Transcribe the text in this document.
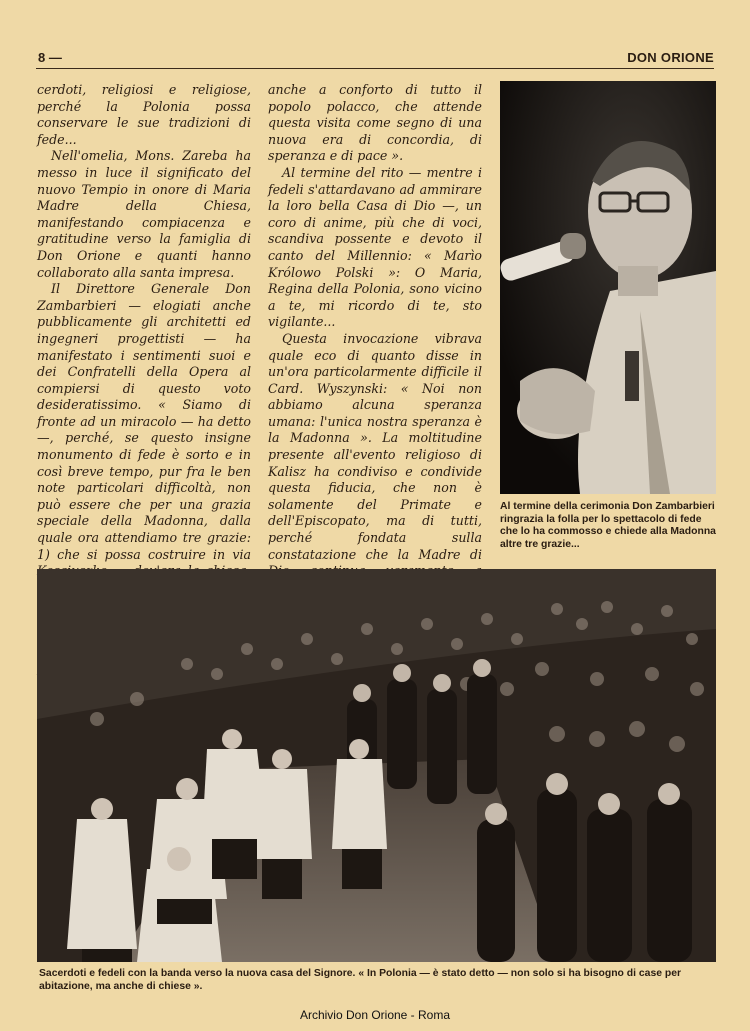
8 —	DON ORIONE

cerdoti, religiosi e religiose, perché la Polonia possa conservare le sue tradizioni di fede...

Nell'omelia, Mons. Zareba ha messo in luce il significato del nuovo Tempio in onore di Maria Madre della Chiesa, manifestando compiacenza e gratitudine verso la famiglia di Don Orione e quanti hanno collaborato alla santa impresa.

Il Direttore Generale Don Zambarbieri — elogiati anche pubblicamente gli architetti ed ingegneri progettisti — ha manifestato i sentimenti suoi e dei Confratelli della Opera al compiersi di questo voto desideratissimo. « Siamo di fronte ad un miracolo — ha detto —, perché, se questo insigne monumento di fede è sorto e in così breve tempo, pur fra le ben note particolari difficoltà, non può essere che per una grazia speciale della Madonna, dalla quale ora attendiamo tre grazie: 1) che si possa costruire in via

anche a conforto di tutto il popolo polacco, che attende questa visita come segno di una nuova era di concordia, di speranza e di pace ».

Al termine del rito — mentre i fedeli s'attardavano ad ammirare la loro bella Casa di Dio —, un coro di anime, più che di voci, scandiva possente e devoto il canto del Millennio: « Marìo Królowo Polski »: O Maria, Regina della Polonia, sono vicino a te, mi ricordo di te, sto vigilante...

Questa invocazione vibrava quale eco di quanto disse in un'ora particolarmente difficile il Card. Wyszynski: « Noi non abbiamo alcuna speranza umana: l'unica nostra speranza è la Madonna ». La moltitudine presente all'evento religioso di Kalisz ha condiviso e condivide questa fiducia, che non è solamente del Primate e dell'Episcopato, ma di tutti, perché fondata sulla constatazione che la Madre di

Al termine della cerimonia Don Zambarbieri ringrazia la folla per lo spettacolo di fede che lo ha commosso e chiede alla Madonna altre tre grazie...
Sacerdoti e fedeli con la banda verso la nuova casa del Signore. « In Polonia — è stato detto — non solo si ha bisogno di case per abitazione, ma anche di chiese ».
Archivio Don Orione - Roma
